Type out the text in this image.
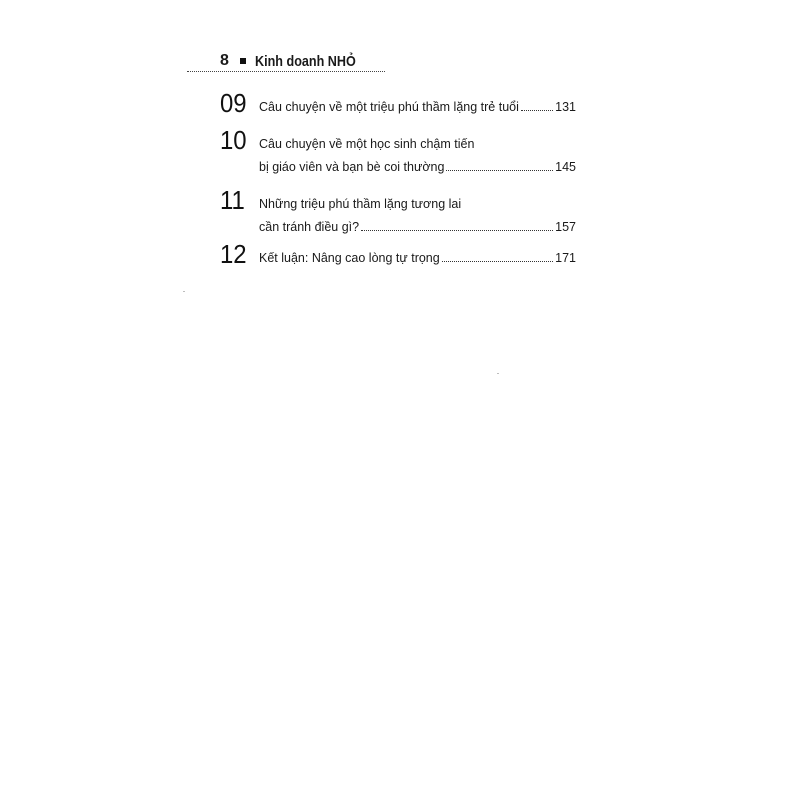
8 Kinh doanh NHỎ
09 Câu chuyện về một triệu phú thầm lặng trẻ tuổi	131
10 Câu chuyện về một học sinh chậm tiến
bị giáo viên và bạn bè coi thường	145
11 Những triệu phú thầm lặng tương lai
cần tránh điều gì?	157
12 Kết luận: Nâng cao lòng tự trọng	171
